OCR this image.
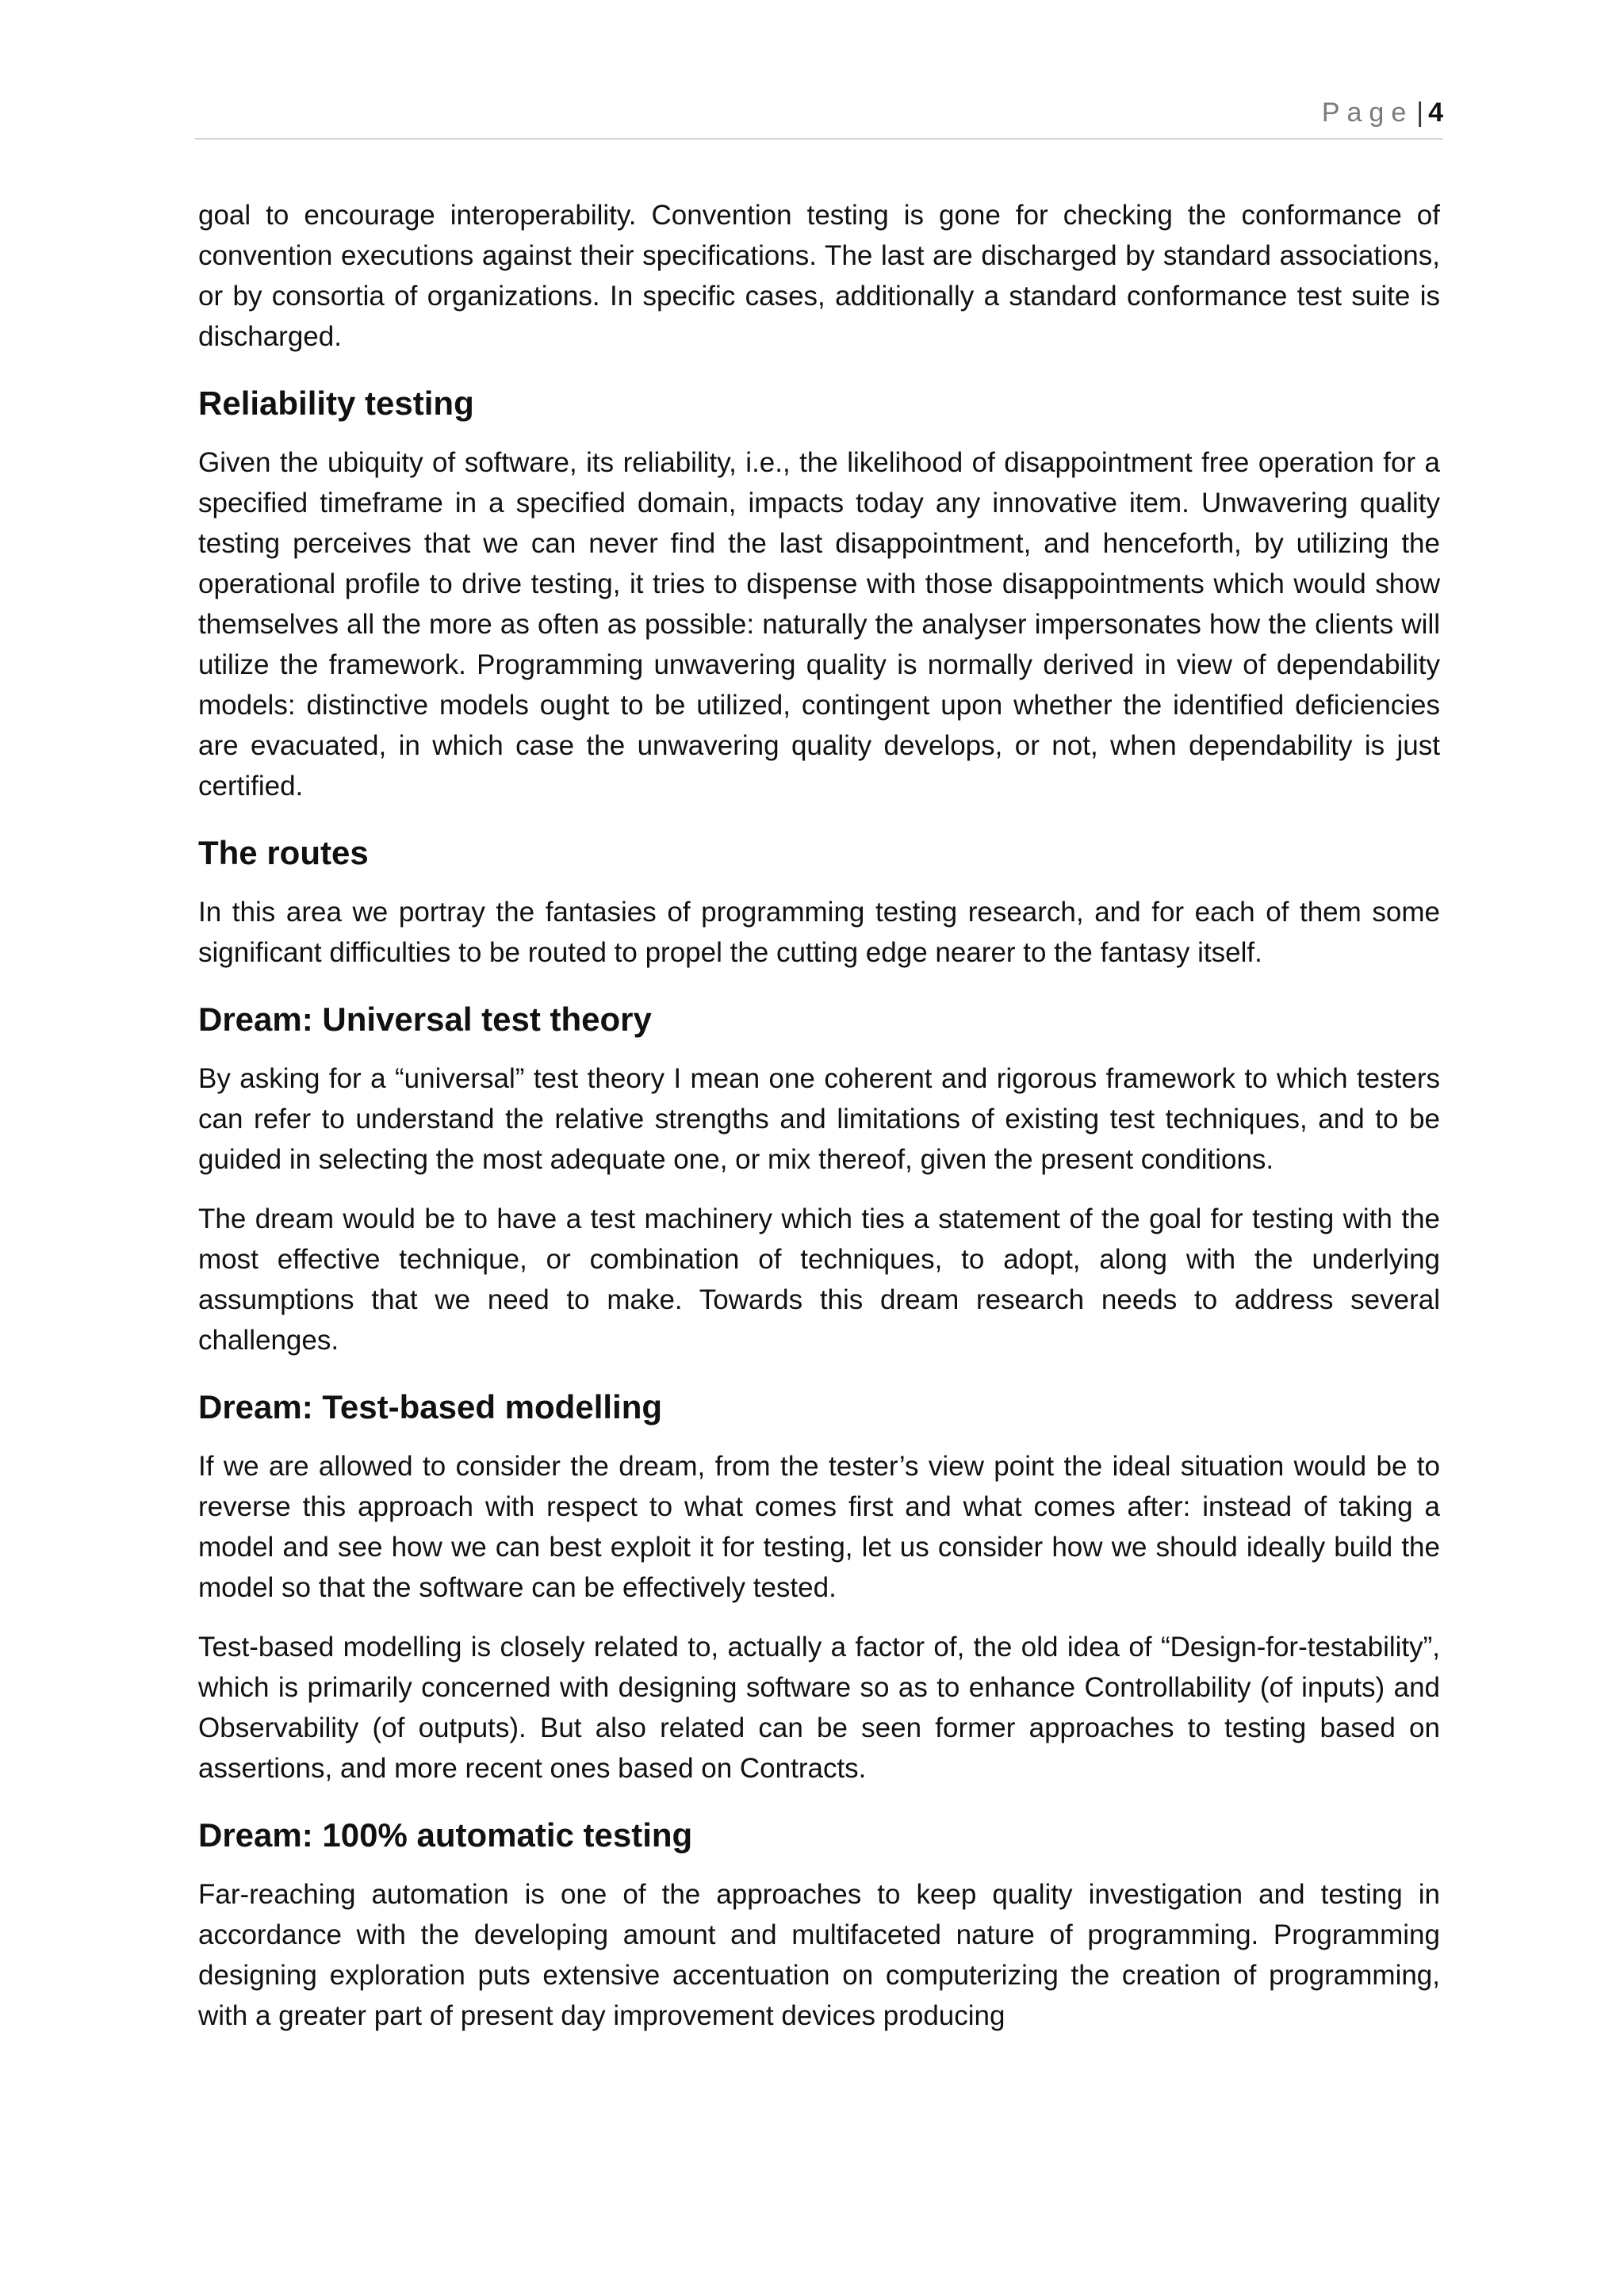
Page | 4

goal to encourage interoperability. Convention testing is gone for checking the conformance of convention executions against their specifications. The last are discharged by standard associations, or by consortia of organizations. In specific cases, additionally a standard conformance test suite is discharged.

Reliability testing

Given the ubiquity of software, its reliability, i.e., the likelihood of disappointment free operation for a specified timeframe in a specified domain, impacts today any innovative item. Unwavering quality testing perceives that we can never find the last disappointment, and henceforth, by utilizing the operational profile to drive testing, it tries to dispense with those disappointments which would show themselves all the more as often as possible: naturally the analyser impersonates how the clients will utilize the framework. Programming unwavering quality is normally derived in view of dependability models: distinctive models ought to be utilized, contingent upon whether the identified deficiencies are evacuated, in which case the unwavering quality develops, or not, when dependability is just certified.

The routes

In this area we portray the fantasies of programming testing research, and for each of them some significant difficulties to be routed to propel the cutting edge nearer to the fantasy itself.

Dream: Universal test theory

By asking for a “universal” test theory I mean one coherent and rigorous framework to which testers can refer to understand the relative strengths and limitations of existing test techniques, and to be guided in selecting the most adequate one, or mix thereof, given the present conditions.

The dream would be to have a test machinery which ties a statement of the goal for testing with the most effective technique, or combination of techniques, to adopt, along with the underlying assumptions that we need to make. Towards this dream research needs to address several challenges.

Dream: Test-based modelling

If we are allowed to consider the dream, from the tester’s view point the ideal situation would be to reverse this approach with respect to what comes first and what comes after: instead of taking a model and see how we can best exploit it for testing, let us consider how we should ideally build the model so that the software can be effectively tested.

Test-based modelling is closely related to, actually a factor of, the old idea of “Design-for-testability”, which is primarily concerned with designing software so as to enhance Controllability (of inputs) and Observability (of outputs). But also related can be seen former approaches to testing based on assertions, and more recent ones based on Contracts.

Dream: 100% automatic testing

Far-reaching automation is one of the approaches to keep quality investigation and testing in accordance with the developing amount and multifaceted nature of programming. Programming designing exploration puts extensive accentuation on computerizing the creation of programming, with a greater part of present day improvement devices producing
